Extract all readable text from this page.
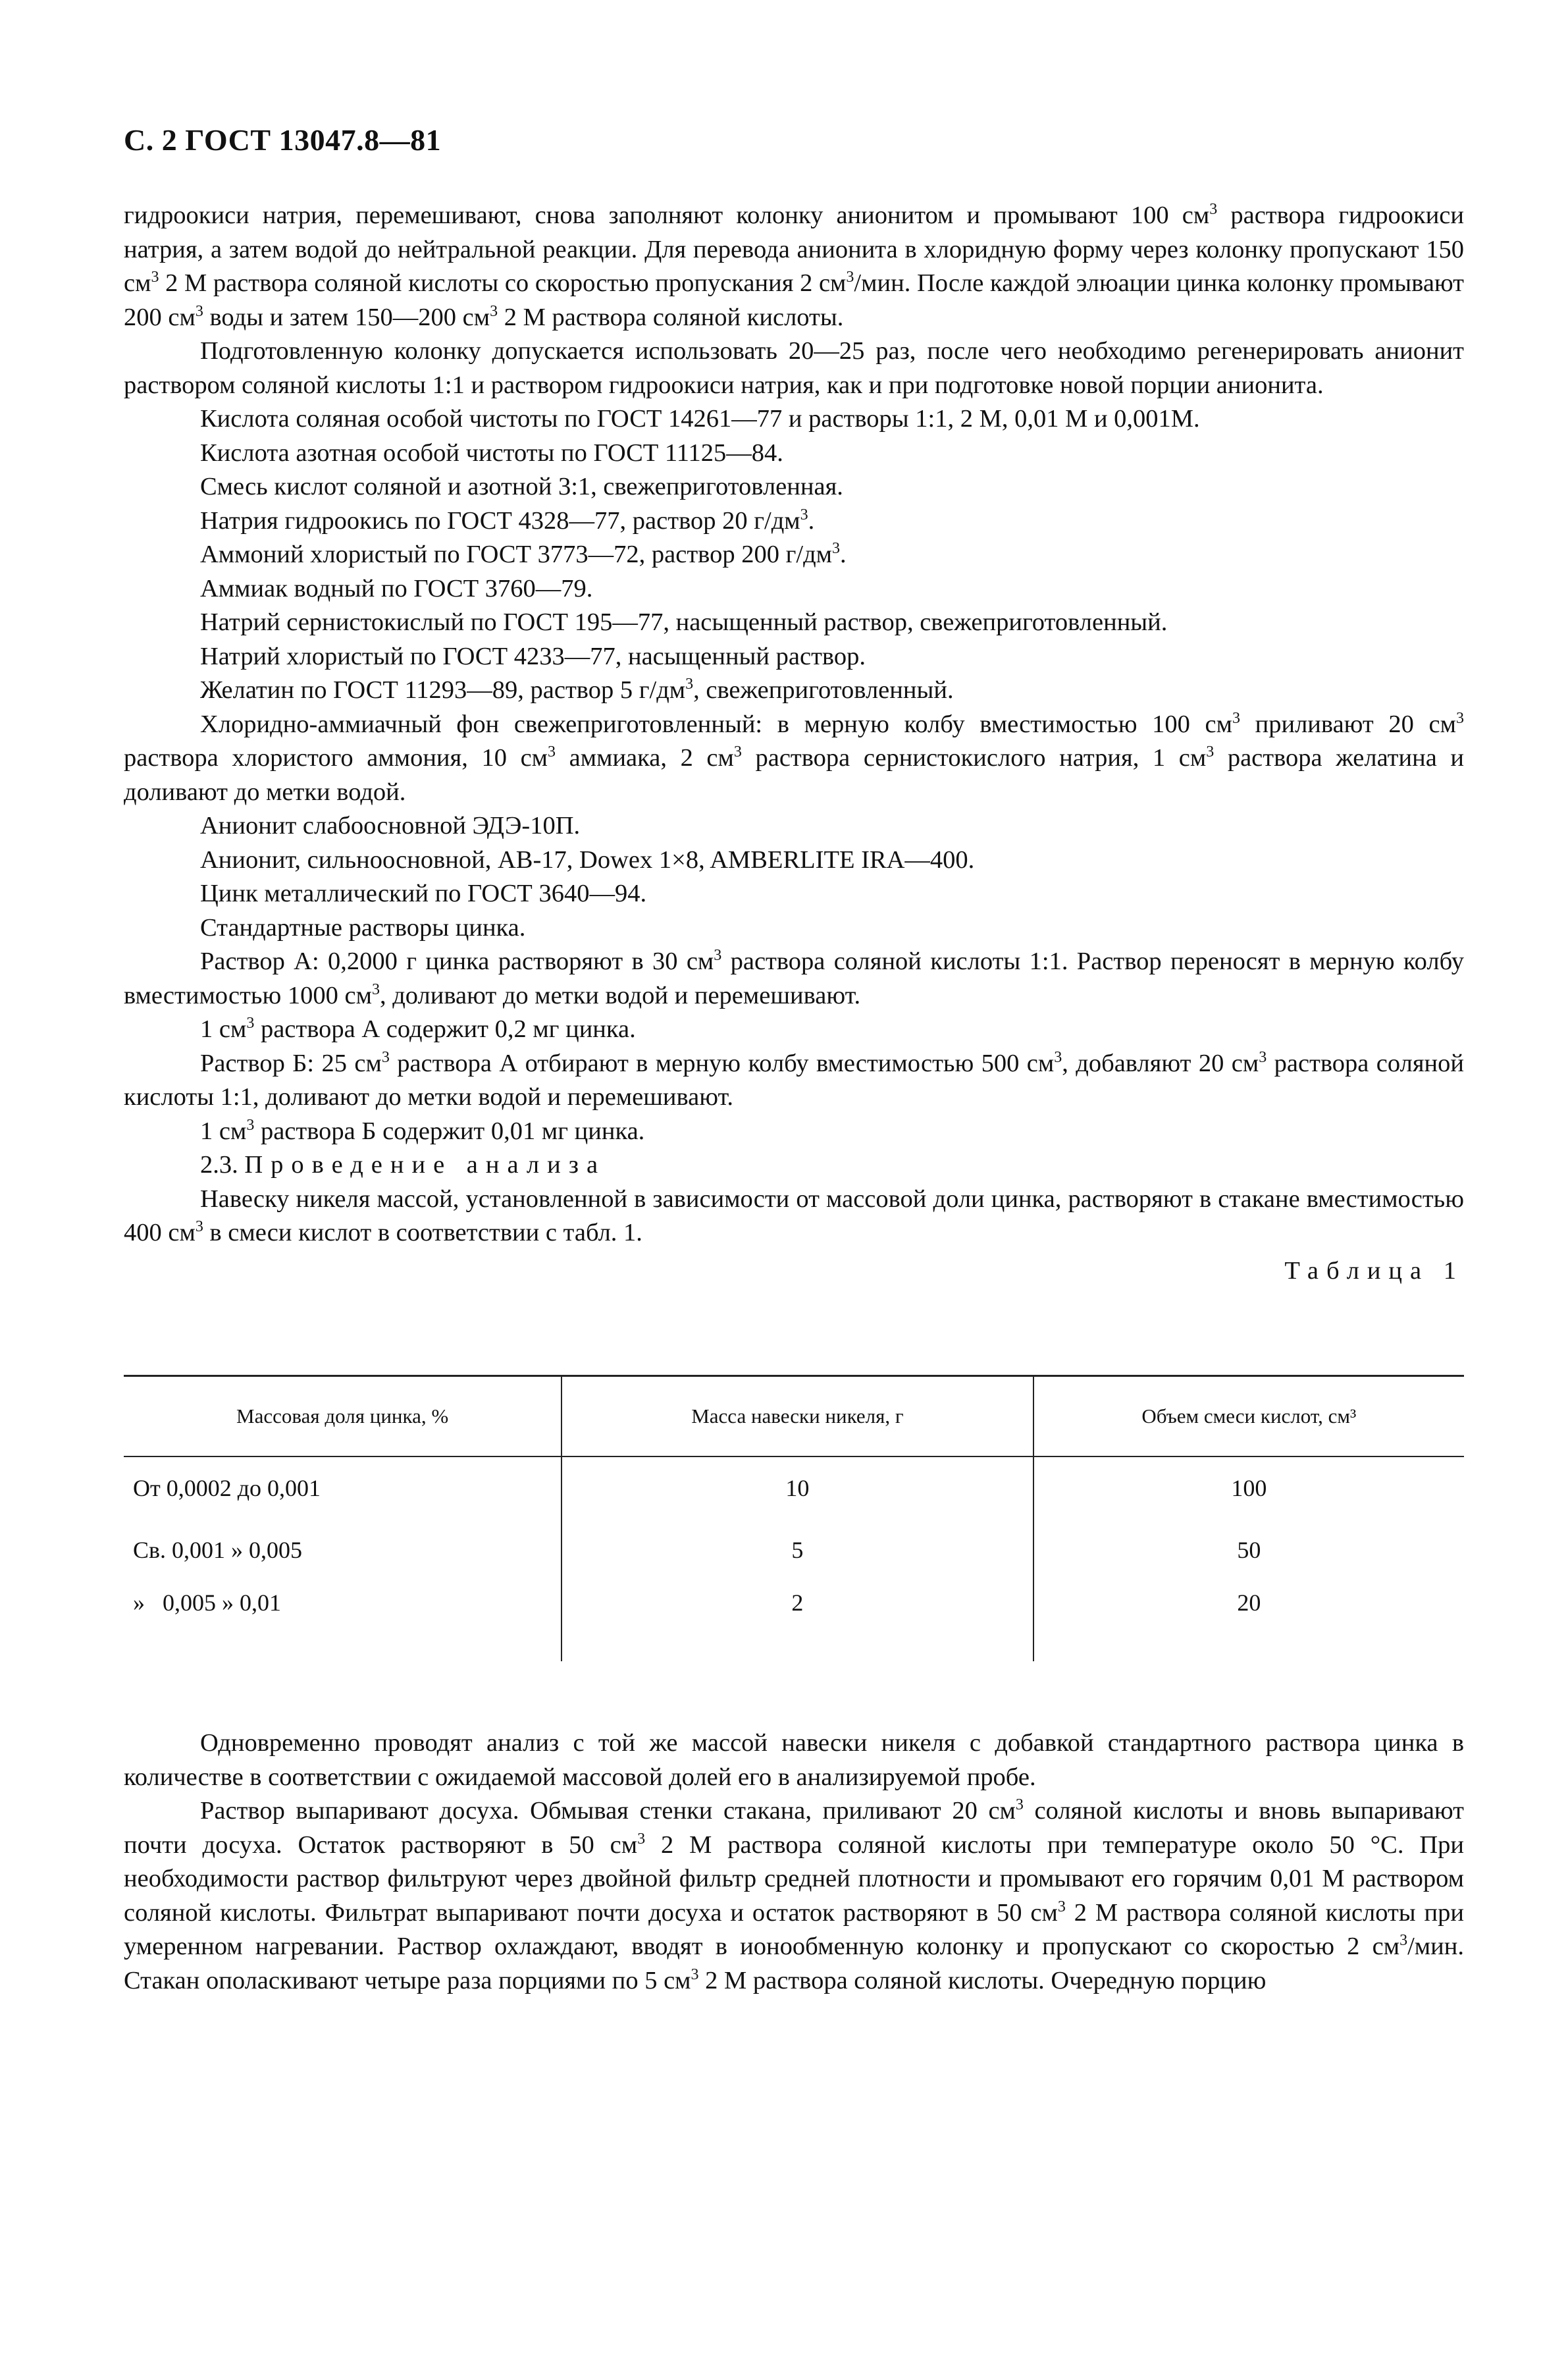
С. 2 ГОСТ 13047.8—81

гидроокиси натрия, перемешивают, снова заполняют колонку анионитом и промывают 100 $см^3$ раствора гидроокиси натрия, а затем водой до нейтральной реакции. Для перевода анионита в хлоридную форму через колонку пропускают 150 $см^3$ 2 М раствора соляной кислоты со скоростью пропускания 2 $см^3$/мин. После каждой элюации цинка колонку промывают 200 $см^3$ воды и затем 150—200 $см^3$ 2 М раствора соляной кислоты.

Подготовленную колонку допускается использовать 20—25 раз, после чего необходимо регенерировать анионит раствором соляной кислоты 1:1 и раствором гидроокиси натрия, как и при подготовке новой порции анионита.

Кислота соляная особой чистоты по ГОСТ 14261—77 и растворы 1:1, 2 М, 0,01 М и 0,001М.

Кислота азотная особой чистоты по ГОСТ 11125—84.

Смесь кислот соляной и азотной 3:1, свежеприготовленная.

Натрия гидроокись по ГОСТ 4328—77, раствор 20 $г/дм^3$.

Аммоний хлористый по ГОСТ 3773—72, раствор 200 $г/дм^3$.

Аммиак водный по ГОСТ 3760—79.

Натрий сернистокислый по ГОСТ 195—77, насыщенный раствор, свежеприготовленный.

Натрий хлористый по ГОСТ 4233—77, насыщенный раствор.

Желатин по ГОСТ 11293—89, раствор 5 $г/дм^3$, свежеприготовленный.

Хлоридно-аммиачный фон свежеприготовленный: в мерную колбу вместимостью 100 $см^3$ приливают 20 $см^3$ раствора хлористого аммония, 10 $см^3$ аммиака, 2 $см^3$ раствора сернистокислого натрия, 1 $см^3$ раствора желатина и доливают до метки водой.

Анионит слабоосновной ЭДЭ-10П.

Анионит, сильноосновной, АВ-17, Dowex 1×8, AMBERLITE IRA—400.

Цинк металлический по ГОСТ 3640—94.

Стандартные растворы цинка.

Раствор А: 0,2000 г цинка растворяют в 30 $см^3$ раствора соляной кислоты 1:1. Раствор переносят в мерную колбу вместимостью 1000 $см^3$, доливают до метки водой и перемешивают.

1 $см^3$ раствора А содержит 0,2 мг цинка.

Раствор Б: 25 $см^3$ раствора А отбирают в мерную колбу вместимостью 500 $см^3$, добавляют 20 $см^3$ раствора соляной кислоты 1:1, доливают до метки водой и перемешивают.

1 $см^3$ раствора Б содержит 0,01 мг цинка.

2.3. Проведение анализа

Навеску никеля массой, установленной в зависимости от массовой доли цинка, растворяют в стакане вместимостью 400 $см^3$ в смеси кислот в соответствии с табл. 1.

Таблица 1

Массовая доля цинка, %	Масса навески никеля, г	Объем смеси кислот, см³
От 0,0002 до 0,001	10	100
Св. 0,001 » 0,005	5	50
»   0,005 » 0,01	2	20

Одновременно проводят анализ с той же массой навески никеля с добавкой стандартного раствора цинка в количестве в соответствии с ожидаемой массовой долей его в анализируемой пробе.

Раствор выпаривают досуха. Обмывая стенки стакана, приливают 20 $см^3$ соляной кислоты и вновь выпаривают почти досуха. Остаток растворяют в 50 $см^3$ 2 М раствора соляной кислоты при температуре около 50 °С. При необходимости раствор фильтруют через двойной фильтр средней плотности и промывают его горячим 0,01 М раствором соляной кислоты. Фильтрат выпаривают почти досуха и остаток растворяют в 50 $см^3$ 2 М раствора соляной кислоты при умеренном нагревании. Раствор охлаждают, вводят в ионообменную колонку и пропускают со скоростью 2 $см^3$/мин. Стакан ополаскивают четыре раза порциями по 5 $см^3$ 2 М раствора соляной кислоты. Очередную порцию
